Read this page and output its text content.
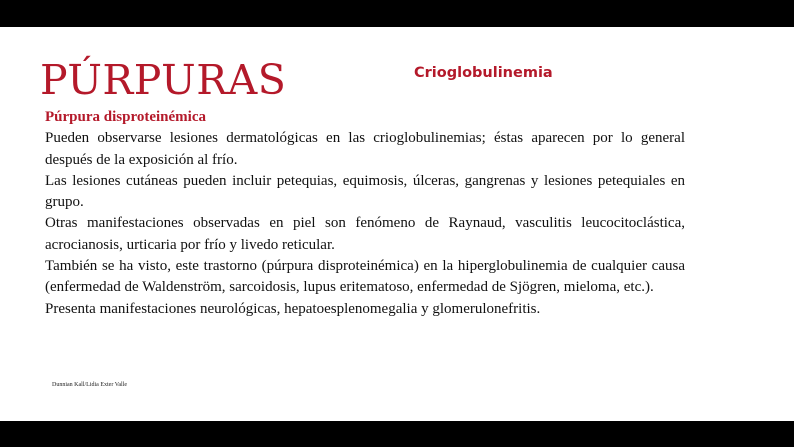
PÚRPURAS	Crioglobulinemia
Púrpura disproteinémica
Pueden observarse lesiones dermatológicas en las crioglobulinemias; éstas aparecen por lo general después de la exposición al frío.
Las lesiones cutáneas pueden incluir petequias, equimosis, úlceras, gangrenas y lesiones petequiales en grupo.
Otras manifestaciones observadas en piel son fenómeno de Raynaud, vasculitis leucocitoclástica, acrocianosis, urticaria por frío y livedo reticular.
También se ha visto, este trastorno (púrpura disproteinémica) en la hiperglobulinemia de cualquier causa (enfermedad de Waldenström, sarcoidosis, lupus eritematoso, enfermedad de Sjögren, mieloma, etc.).
Presenta manifestaciones neurológicas, hepatoesplenomegalia y glomerulonefritis.
Dunnian Kall/Lidia Exter Valle
